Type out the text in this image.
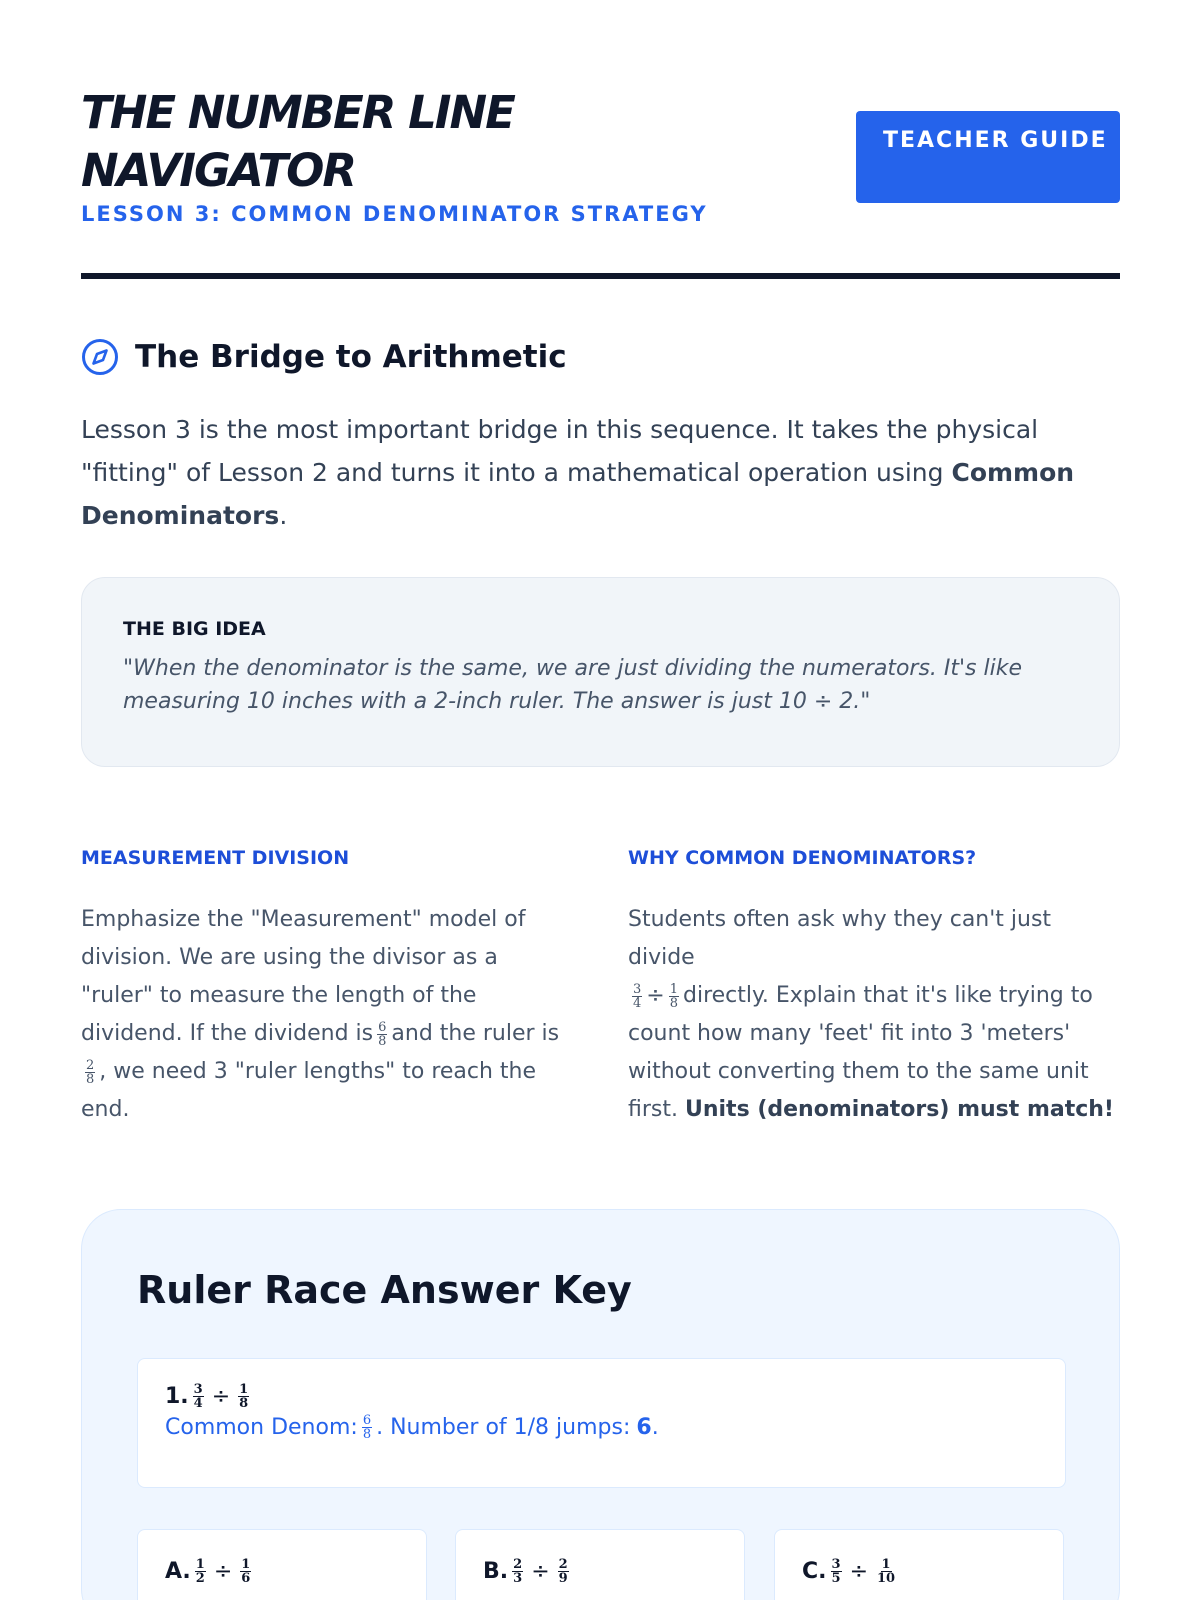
THE NUMBER LINE NAVIGATOR
LESSON 3: COMMON DENOMINATOR STRATEGY
TEACHER GUIDE
The Bridge to Arithmetic

Lesson 3 is the most important bridge in this sequence. It takes the physical "fitting" of Lesson 2 and turns it into a mathematical operation using Common Denominators.

THE BIG IDEA
"When the denominator is the same, we are just dividing the numerators. It's like measuring 10 inches with a 2-inch ruler. The answer is just 10 ÷ 2."
MEASUREMENT DIVISION

Emphasize the "Measurement" model of division. We are using the divisor as a "ruler" to measure the length of the dividend. If the dividend is $\frac{6}{8}$ and the ruler is

$\frac{2}{8}$ , we need 3 "ruler lengths" to reach the end.

WHY COMMON DENOMINATORS?

Students often ask why they can't just divide

$\frac{3}{4} \div \frac{1}{8}$ directly. Explain that it's like trying to count how many 'feet' fit into 3 'meters' without converting them to the same unit first. Units (denominators) must match!

Ruler Race Answer Key
1. $\frac{3}{4} \div \frac{1}{8}$
Common Denom: $\frac{6}{8}$ . Number of 1/8 jumps: 6 .
A. $\frac{1}{2} \div \frac{1}{6}$	B. $\frac{2}{3} \div \frac{2}{9}$	C. $\frac{3}{5} \div \frac{1}{10}$
